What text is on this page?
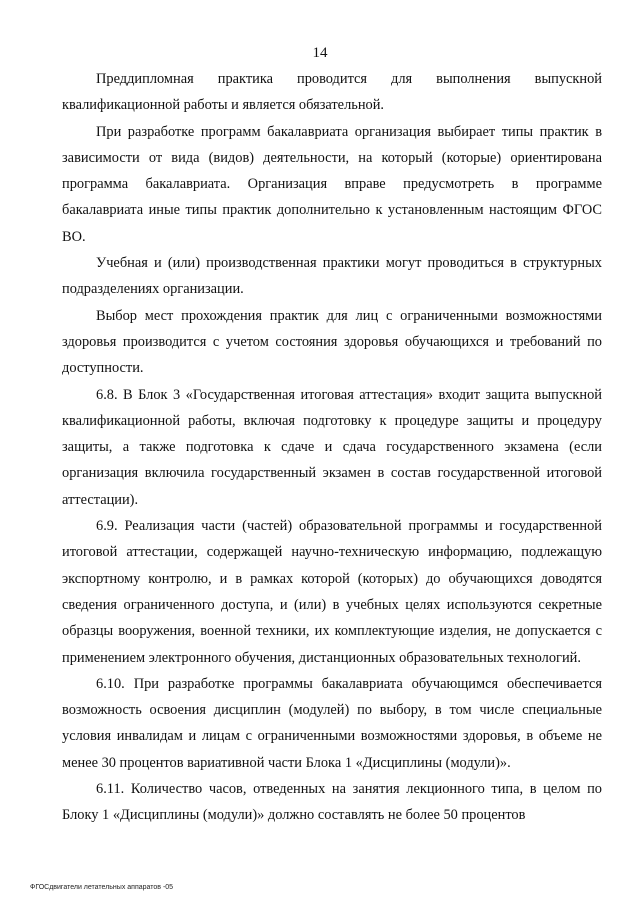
14

Преддипломная практика проводится для выполнения выпускной квалификационной работы и является обязательной.

При разработке программ бакалавриата организация выбирает типы практик в зависимости от вида (видов) деятельности, на который (которые) ориентирована программа бакалавриата. Организация вправе предусмотреть в программе бакалавриата иные типы практик дополнительно к установленным настоящим ФГОС ВО.

Учебная и (или) производственная практики могут проводиться в структурных подразделениях организации.

Выбор мест прохождения практик для лиц с ограниченными возможностями здоровья производится с учетом состояния здоровья обучающихся и требований по доступности.

6.8. В Блок 3 «Государственная итоговая аттестация» входит защита выпускной квалификационной работы, включая подготовку к процедуре защиты и процедуру защиты, а также подготовка к сдаче и сдача государственного экзамена (если организация включила государственный экзамен в состав государственной итоговой аттестации).

6.9. Реализация части (частей) образовательной программы и государственной итоговой аттестации, содержащей научно-техническую информацию, подлежащую экспортному контролю, и в рамках которой (которых) до обучающихся доводятся сведения ограниченного доступа, и (или) в учебных целях используются секретные образцы вооружения, военной техники, их комплектующие изделия, не допускается с применением электронного обучения, дистанционных образовательных технологий.

6.10. При разработке программы бакалавриата обучающимся обеспечивается возможность освоения дисциплин (модулей) по выбору, в том числе специальные условия инвалидам и лицам с ограниченными возможностями здоровья, в объеме не менее 30 процентов вариативной части Блока 1 «Дисциплины (модули)».

6.11. Количество часов, отведенных на занятия лекционного типа, в целом по Блоку 1 «Дисциплины (модули)» должно составлять не более 50 процентов

ФГОСдвигатели летательных аппаратов -05
